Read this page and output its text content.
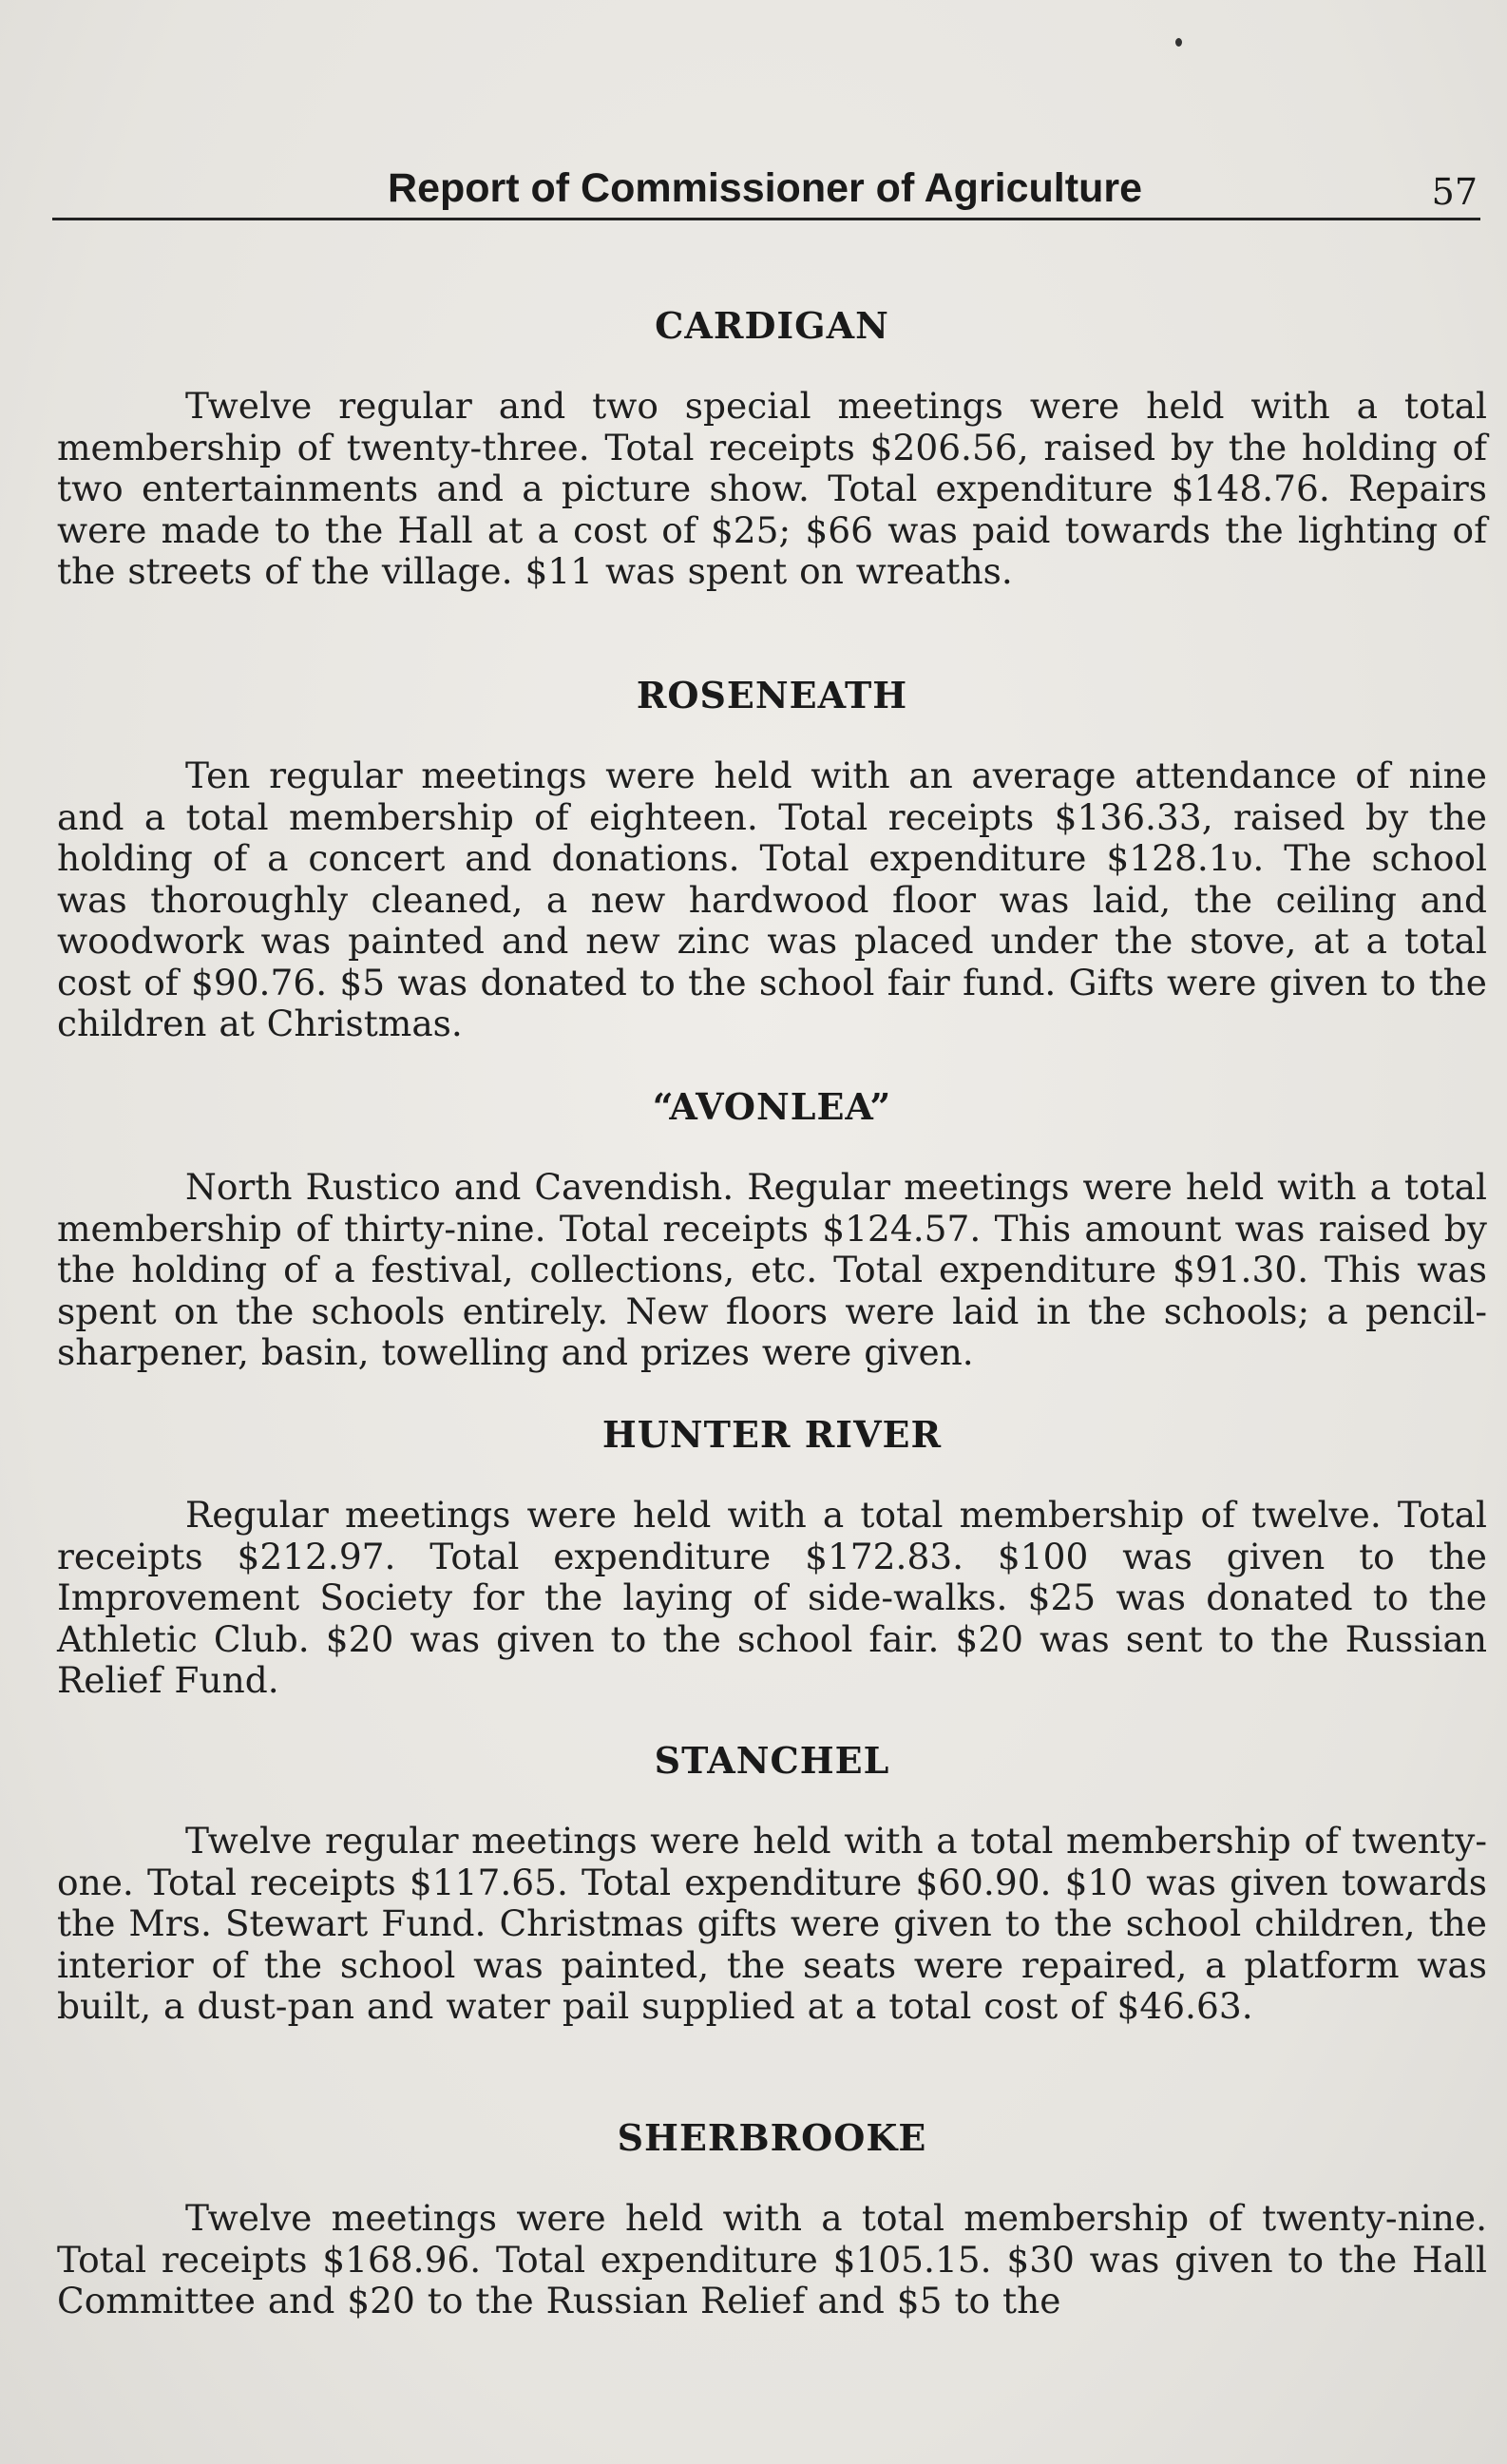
Report of Commissioner of Agriculture	57
CARDIGAN

Twelve regular and two special meetings were held with a total membership of twenty-three. Total receipts $206.56, raised by the holding of two entertainments and a picture show. Total expenditure $148.76. Repairs were made to the Hall at a cost of $25; $66 was paid towards the lighting of the streets of the village. $11 was spent on wreaths.

ROSENEATH

Ten regular meetings were held with an average attendance of nine and a total membership of eighteen. Total receipts $136.33, raised by the holding of a concert and donations. Total expenditure $128.1υ. The school was thoroughly cleaned, a new hardwood floor was laid, the ceiling and woodwork was painted and new zinc was placed under the stove, at a total cost of $90.76. $5 was donated to the school fair fund. Gifts were given to the children at Christmas.

“AVONLEA”

North Rustico and Cavendish. Regular meetings were held with a total membership of thirty-nine. Total receipts $124.57. This amount was raised by the holding of a festival, collections, etc. Total expenditure $91.30. This was spent on the schools entirely. New floors were laid in the schools; a pencil-sharpener, basin, towelling and prizes were given.

HUNTER RIVER

Regular meetings were held with a total membership of twelve. Total receipts $212.97. Total expenditure $172.83. $100 was given to the Improvement Society for the laying of side-walks. $25 was donated to the Athletic Club. $20 was given to the school fair. $20 was sent to the Russian Relief Fund.

STANCHEL

Twelve regular meetings were held with a total membership of twenty-one. Total receipts $117.65. Total expenditure $60.90. $10 was given towards the Mrs. Stewart Fund. Christmas gifts were given to the school children, the interior of the school was painted, the seats were repaired, a platform was built, a dust-pan and water pail supplied at a total cost of $46.63.

SHERBROOKE

Twelve meetings were held with a total membership of twenty-nine. Total receipts $168.96. Total expenditure $105.15. $30 was given to the Hall Committee and $20 to the Russian Relief and $5 to the
